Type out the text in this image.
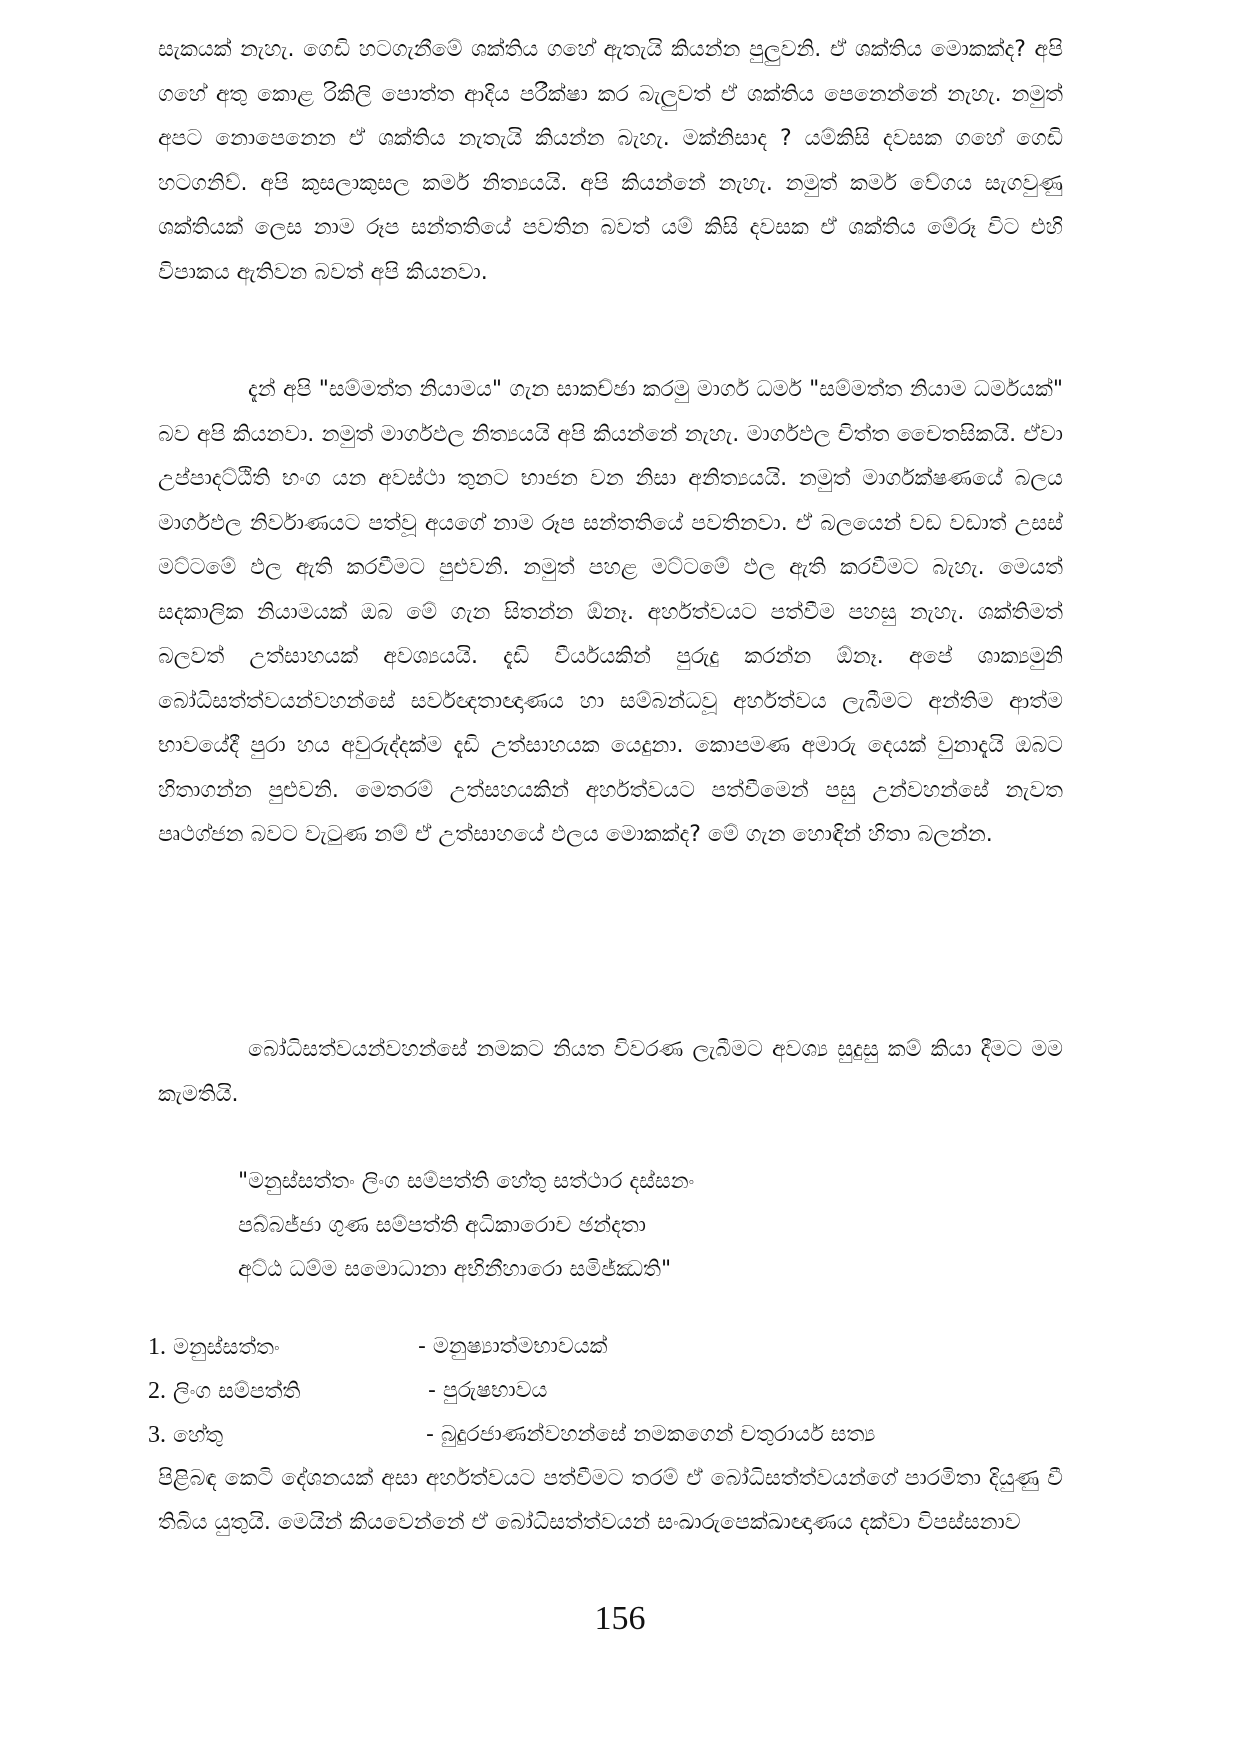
සැකයක් නැහැ. ගෙඩි හටගැනීමේ ශක්තිය ගහේ ඇතැයි කියන්න පුලුවනි. ඒ ශක්තිය මොකක්ද? අපි ගහේ අතු කොළ රිකිලි පොත්ත ආදිය පරීක්ෂා කර බැලුවත් ඒ ශක්තිය පෙනෙන්නේ නැහැ. නමුත් අපට නොපෙනෙන ඒ ශක්තිය නැතැයි කියන්න බැහැ. මක්නිසාද ? යම්කිසි දවසක ගහේ ගෙඩි හටගනිව්. අපි කුසලාකුසල කර්ම නිත්‍යයයි. අපි කියන්නේ නැහැ. නමුත් කර්ම වේගය සැගවුණු ශක්තියක් ලෙස නාම රූප සන්තතියේ පවතින බවත් යම් කිසි දවසක ඒ ශක්තිය මේරූ විට එහි විපාකය ඇතිවන බවත් අපි කියනවා.
දැන් අපි "සම්මත්ත නියාමය" ගැන සාකච්ඡා කරමු මාර්ග ධර්ම "සම්මත්ත නියාම ධර්මයක්" බව අපි කියනවා. නමුත් මාර්ගඵල නිත්‍යයයි අපි කියන්නේ නැහැ. මාර්ගඵල චිත්ත චෛතසිකයි. ඒවා උප්පාදට්ඨිති භංග යන අවස්ථා තුනට භාජන වන නිසා අනිත්‍යයයි. නමුත් මාර්ගක්ෂණයේ බලය මාර්ගඵල නිර්වාණයට පත්වූ අයගේ නාම රූප සන්තතියේ පවතිනවා. ඒ බලයෙන් වඩ වඩාත් උසස් මට්ටමේ ඵල ඇති කරවීමට පුළුවනි. නමුත් පහළ මට්ටමේ ඵල ඇති කරවීමට බැහැ. මෙයත් සදකාලික නියාමයක් ඔබ මේ ගැන සිතන්න ඕනෑ. අර්හත්වයට පත්වීම පහසු නැහැ. ශක්තිමත් බලවත් උත්සාහයක් අවශ්‍යයයි. දැඩි වීර්යයකින් පුරුදු කරන්න ඕනෑ. අපේ ශාක්‍යමුනි බෝධිසත්ත්වයන්වහන්සේ සර්වඥතාඥාණය හා සම්බන්ධවූ අර්හත්වය ලැබීමට අන්තිම ආත්ම භාවයේදී පුරා හය අවුරුද්දක්ම දැඩි උත්සාහයක යෙදුනා. කොපමණ අමාරු දෙයක් වුනාදැයි ඔබට හිතාගන්න පුළුවනි. මෙතරම් උත්සහයකින් අර්හත්වයට පත්වීමෙන් පසු උන්වහන්සේ නැවත පෘථග්ජන බවට වැටුණ නම් ඒ උත්සාහයේ ඵලය මොකක්ද? මේ ගැන හොඳින් හිතා බලන්න.
බෝධිසත්වයන්වහන්සේ නමකට නියත විවරණ ලැබීමට අවශ්‍ය සුදුසු කම් කියා දීමට මම කැමතියි.
"මනුස්සත්තං ලිංග සම්පත්ති හේතු සත්ථාර දස්සනං
පබ්බජ්ජා ගුණ සම්පත්ති අධිකාරොච ඡන්දතා
අට්ඨ ධම්ම සමොධානා අභිනීහාරො සමිජ්ඣති"
1. මනුස්සත්තං	- මනුෂ්‍යාත්මභාවයක්
2. ලිංග සම්පත්ති	- පුරුෂභාවය
3. හේතු	- බුදුරජාණන්වහන්සේ නමකගෙන් චතුරාර්ය සත්‍ය
පිළිබඳ කෙටි දේශනයක් අසා අර්හත්වයට පත්වීමට තරම් ඒ බෝධිසත්ත්වයන්ගේ පාරමිතා දියුණු වී තිබිය යුතුයි. මෙයින් කියවෙන්නේ ඒ බෝධිසත්ත්වයන් සංඛාරුපෙක්ඛාඥාණය දක්වා විපස්සනාව
156
